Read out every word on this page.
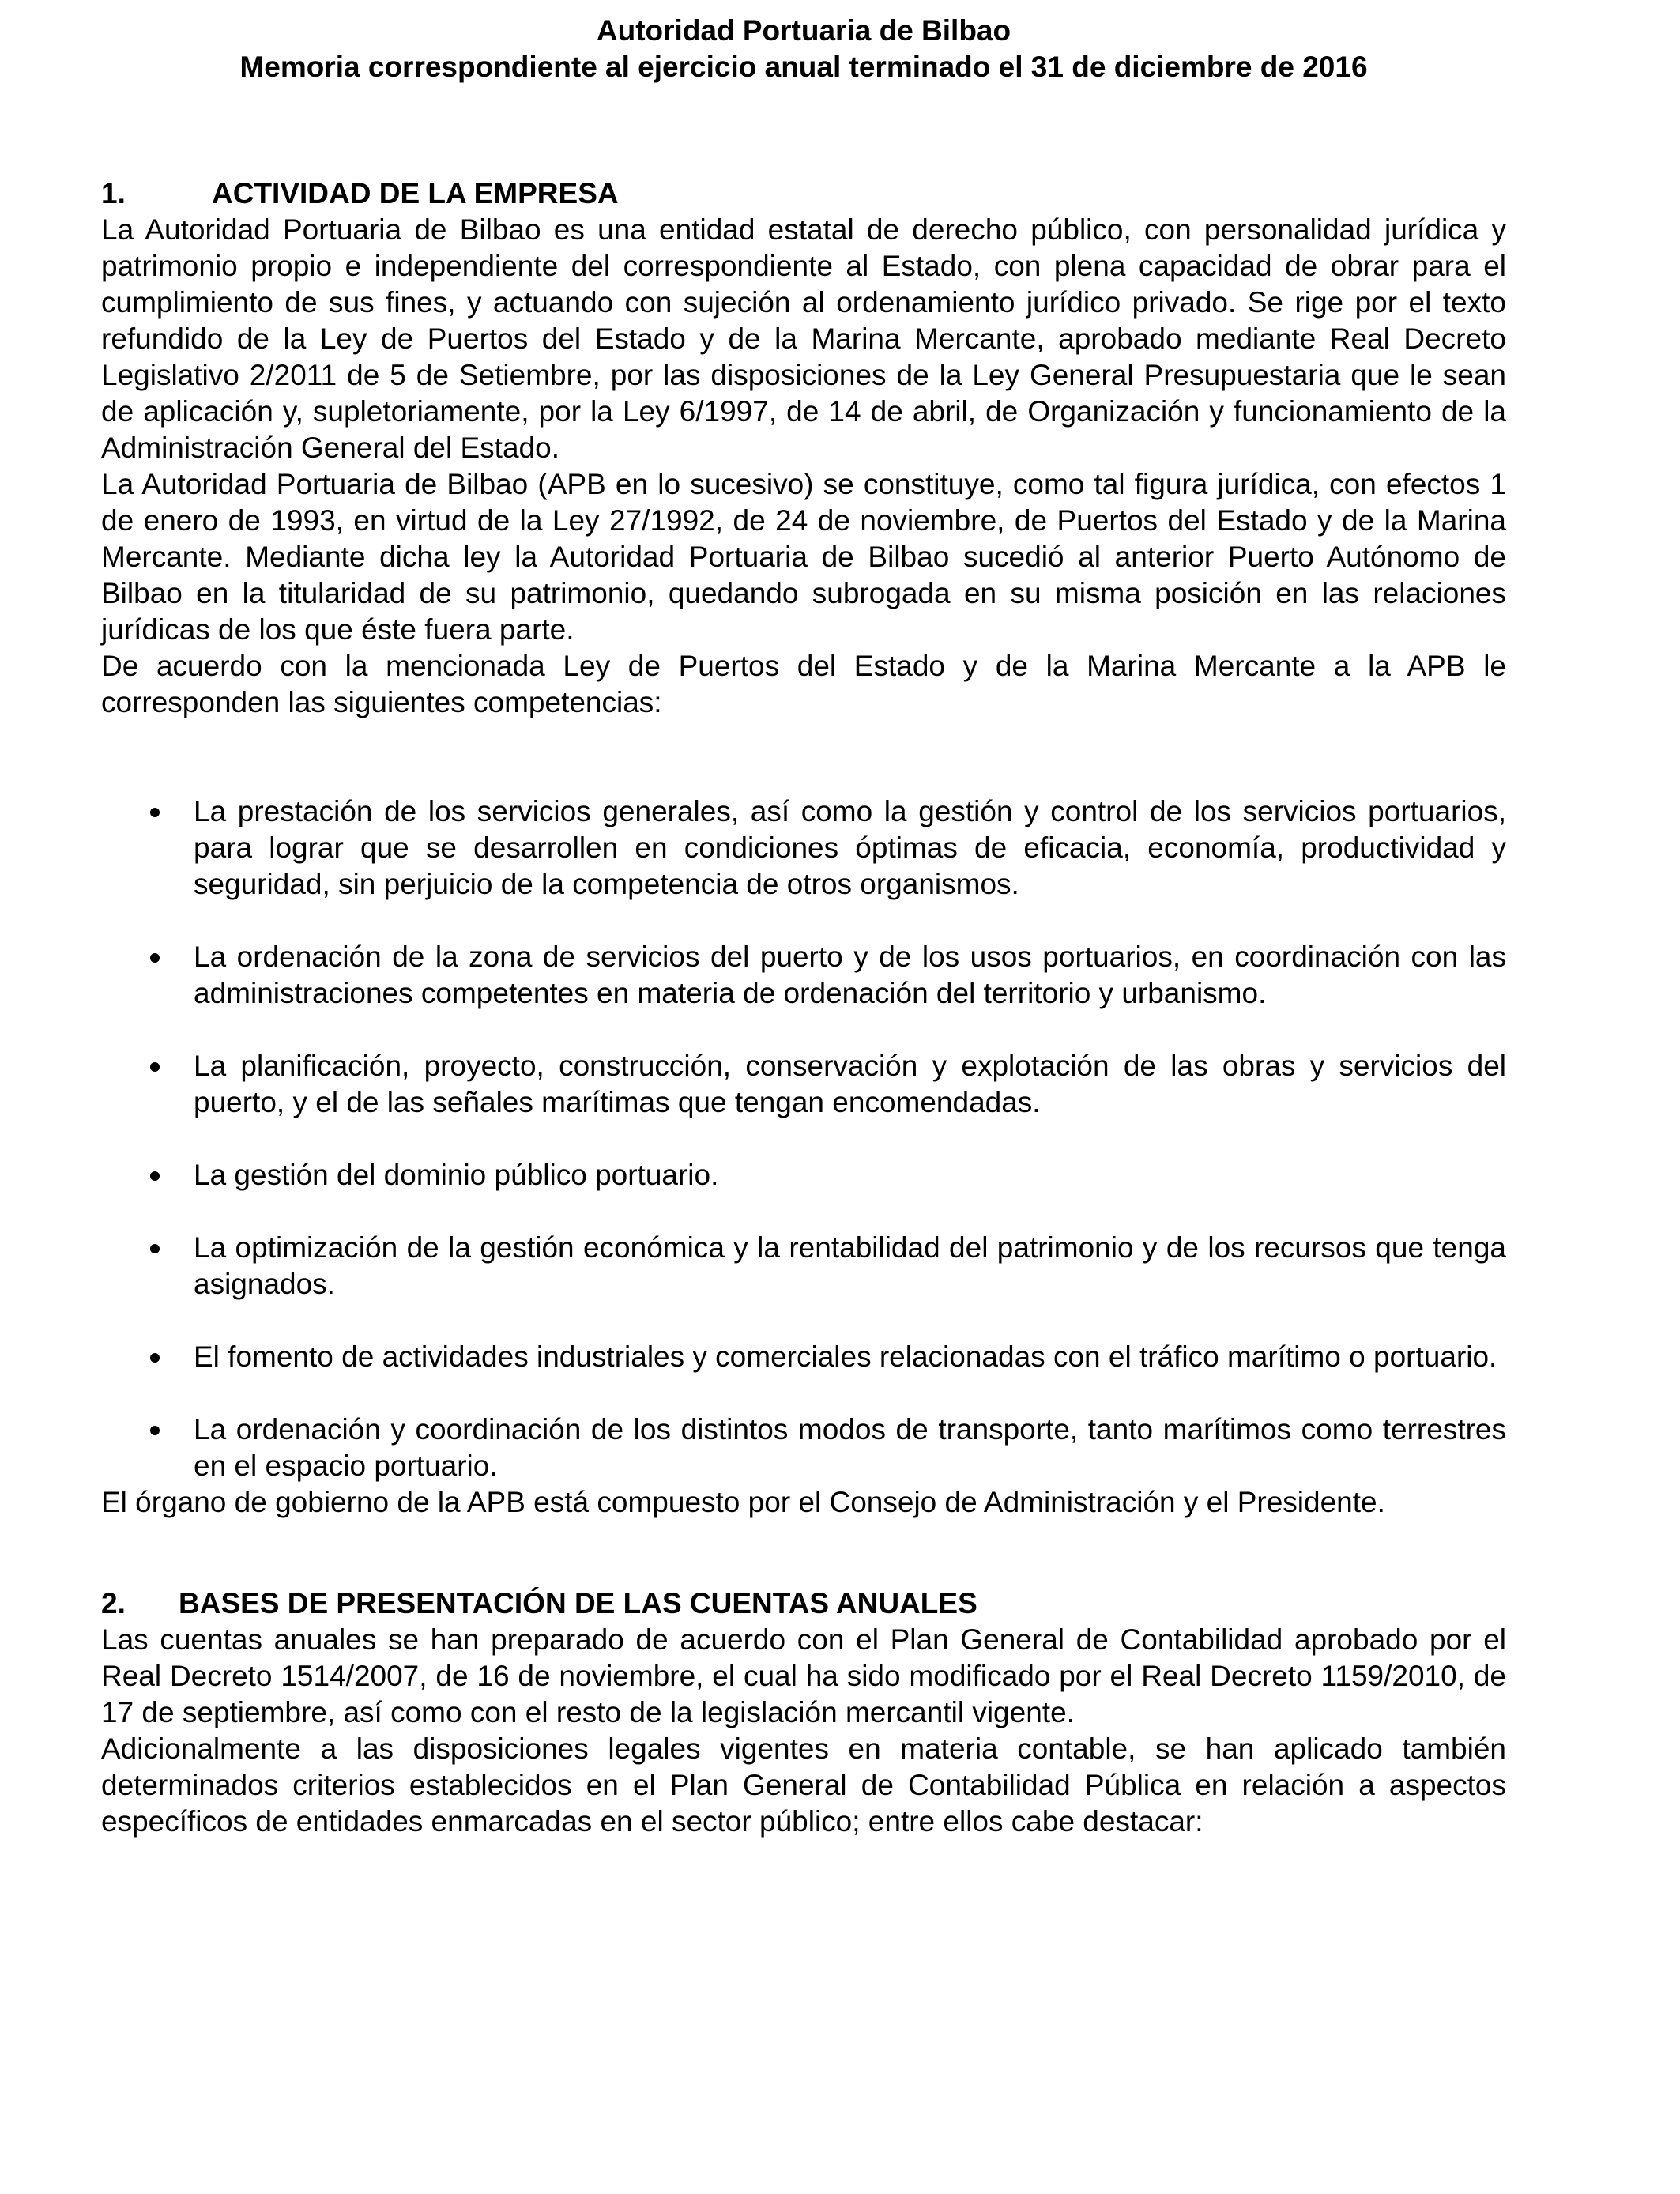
Autoridad Portuaria de Bilbao
Memoria correspondiente al ejercicio anual terminado el 31 de diciembre de 2016
1.	ACTIVIDAD DE LA EMPRESA

La Autoridad Portuaria de Bilbao es una entidad estatal de derecho público, con personalidad jurídica y patrimonio propio e independiente del correspondiente al Estado, con plena capacidad de obrar para el cumplimiento de sus fines, y actuando con sujeción al ordenamiento jurídico privado. Se rige por el texto refundido de la Ley de Puertos del Estado y de la Marina Mercante, aprobado mediante Real Decreto Legislativo 2/2011 de 5 de Setiembre, por las disposiciones de la Ley General Presupuestaria que le sean de aplicación y, supletoriamente, por la Ley 6/1997, de 14 de abril, de Organización y funcionamiento de la Administración General del Estado.

La Autoridad Portuaria de Bilbao (APB en lo sucesivo) se constituye, como tal figura jurídica, con efectos 1 de enero de 1993, en virtud de la Ley 27/1992, de 24 de noviembre, de Puertos del Estado y de la Marina Mercante. Mediante dicha ley la Autoridad Portuaria de Bilbao sucedió al anterior Puerto Autónomo de Bilbao en la titularidad de su patrimonio, quedando subrogada en su misma posición en las relaciones jurídicas de los que éste fuera parte.

De acuerdo con la mencionada Ley de Puertos del Estado y de la Marina Mercante a la APB le corresponden las siguientes competencias:

La prestación de los servicios generales, así como la gestión y control de los servicios portuarios, para lograr que se desarrollen en condiciones óptimas de eficacia, economía, productividad y seguridad, sin perjuicio de la competencia de otros organismos.
La ordenación de la zona de servicios del puerto y de los usos portuarios, en coordinación con las administraciones competentes en materia de ordenación del territorio y urbanismo.
La planificación, proyecto, construcción, conservación y explotación de las obras y servicios del puerto, y el de las señales marítimas que tengan encomendadas.
La gestión del dominio público portuario.
La optimización de la gestión económica y la rentabilidad del patrimonio y de los recursos que tenga asignados.
El fomento de actividades industriales y comerciales relacionadas con el tráfico marítimo o portuario.
La ordenación y coordinación de los distintos modos de transporte, tanto marítimos como terrestres en el espacio portuario.

El órgano de gobierno de la APB está compuesto por el Consejo de Administración y el Presidente.

2.	BASES DE PRESENTACIÓN DE LAS CUENTAS ANUALES

Las cuentas anuales se han preparado de acuerdo con el Plan General de Contabilidad aprobado por el Real Decreto 1514/2007, de 16 de noviembre, el cual ha sido modificado por el Real Decreto 1159/2010, de 17 de septiembre, así como con el resto de la legislación mercantil vigente.

Adicionalmente a las disposiciones legales vigentes en materia contable, se han aplicado también determinados criterios establecidos en el Plan General de Contabilidad Pública en relación a aspectos específicos de entidades enmarcadas en el sector público; entre ellos cabe destacar:
